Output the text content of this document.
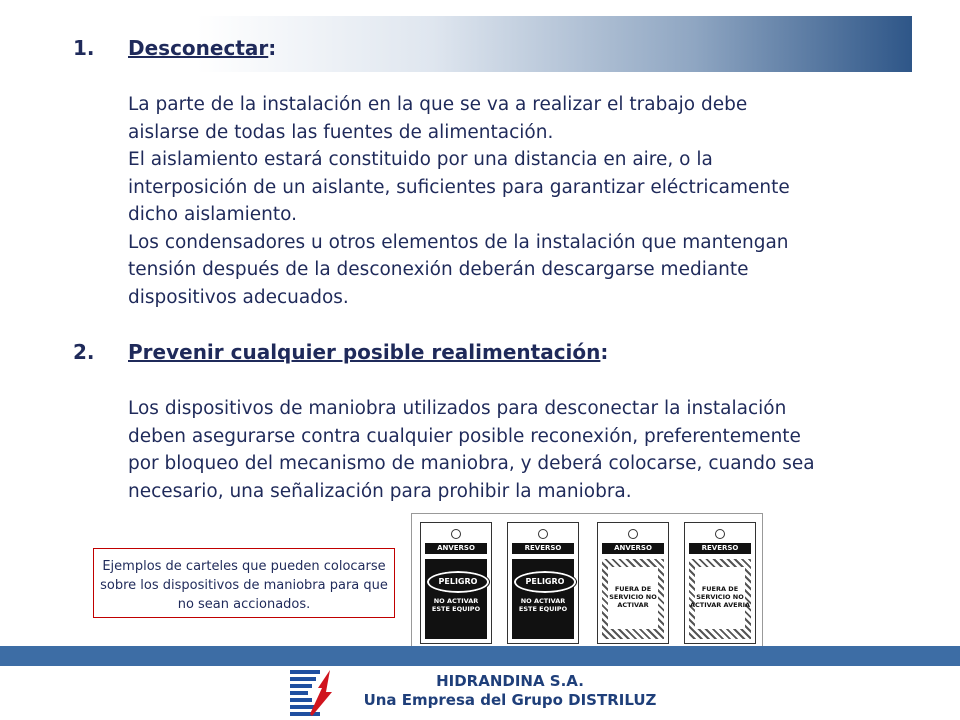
1. Desconectar:
La parte de la instalación en la que se va a realizar el trabajo debe
aislarse de todas las fuentes de alimentación.
El aislamiento estará constituido por una distancia en aire, o la
interposición de un aislante, suficientes para garantizar eléctricamente
dicho aislamiento.
Los condensadores u otros elementos de la instalación que mantengan
tensión después de la desconexión deberán descargarse mediante
dispositivos adecuados.
2. Prevenir cualquier posible realimentación:
Los dispositivos de maniobra utilizados para desconectar la instalación
deben asegurarse contra cualquier posible reconexión, preferentemente
por bloqueo del mecanismo de maniobra, y deberá colocarse, cuando sea
necesario, una señalización para prohibir la maniobra.
Ejemplos de carteles que pueden colocarse sobre los dispositivos de maniobra para que no sean accionados.
ANVERSO
PELIGRO
NO ACTIVAR ESTE EQUIPO
REVERSO
PELIGRO
NO ACTIVAR ESTE EQUIPO
ANVERSO
FUERA DE SERVICIO NO ACTIVAR
REVERSO
FUERA DE SERVICIO NO ACTIVAR AVERIA
HIDRANDINA S.A.
Una Empresa del Grupo DISTRILUZ
